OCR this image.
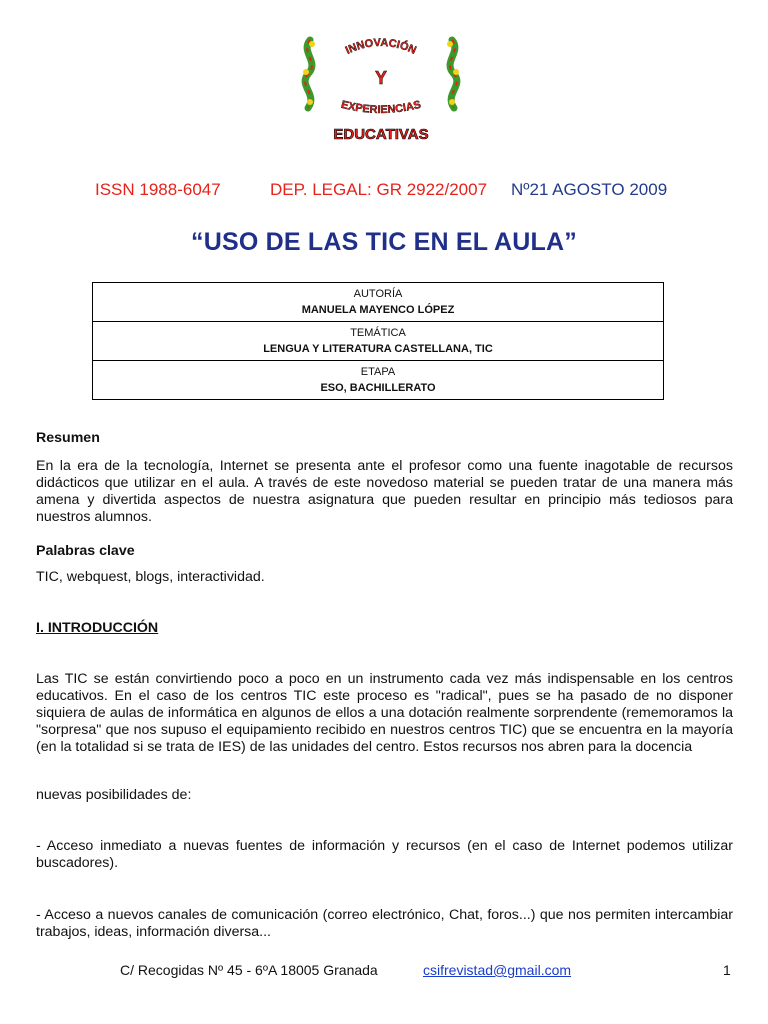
INNOVACIÓN
Y
EXPERIENCIAS
EDUCATIVAS
ISSN 1988-6047	DEP. LEGAL: GR 2922/2007 Nº21 AGOSTO 2009
“USO DE LAS TIC EN EL AULA”
AUTORÍA
MANUELA MAYENCO LÓPEZ

TEMÁTICA
LENGUA Y LITERATURA CASTELLANA, TIC

ETAPA
ESO, BACHILLERATO
Resumen
En la era de la tecnología, Internet se presenta ante el profesor como una fuente inagotable de recursos didácticos que utilizar en el aula. A través de este novedoso material se pueden tratar de una manera más amena y divertida aspectos de nuestra asignatura que pueden resultar en principio más tediosos para nuestros alumnos.
Palabras clave
TIC, webquest, blogs, interactividad.
I. INTRODUCCIÓN
Las TIC se están convirtiendo poco a poco en un instrumento cada vez más indispensable en los centros educativos. En el caso de los centros TIC este proceso es "radical", pues se ha pasado de no disponer siquiera de aulas de informática en algunos de ellos a una dotación realmente sorprendente (rememoramos la "sorpresa" que nos supuso el equipamiento recibido en nuestros centros TIC) que se encuentra en la mayoría (en la totalidad si se trata de IES) de las unidades del centro. Estos recursos nos abren para la docencia
nuevas posibilidades de:
- Acceso inmediato a nuevas fuentes de información y recursos (en el caso de Internet podemos utilizar buscadores).
- Acceso a nuevos canales de comunicación (correo electrónico, Chat, foros...) que nos permiten intercambiar trabajos, ideas, información diversa...
C/ Recogidas Nº 45 - 6ºA 18005 Granada	csifrevistad@gmail.com	1
